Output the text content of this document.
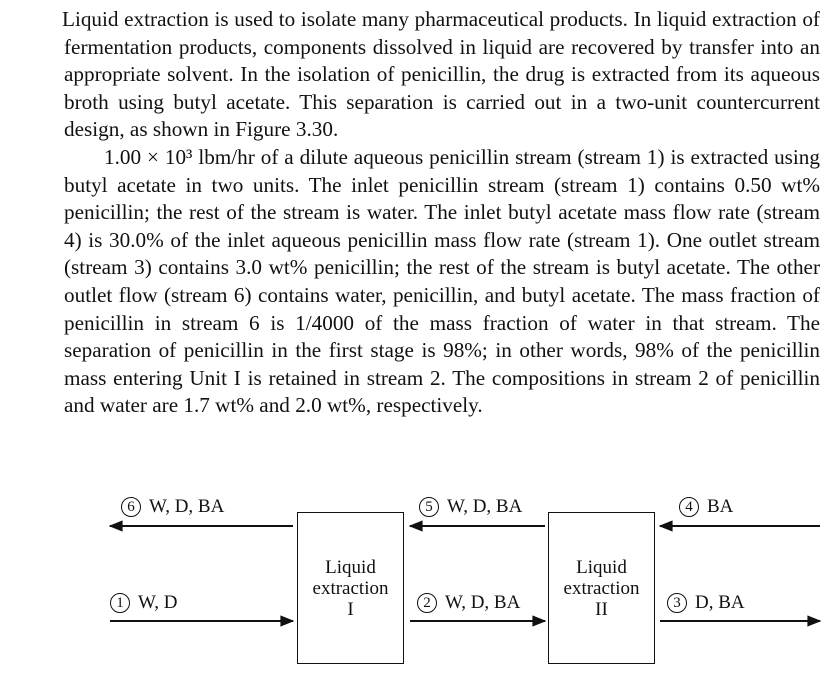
Liquid extraction is used to isolate many pharmaceutical products. In liquid extraction of fermentation products, components dissolved in liquid are recovered by transfer into an appropriate solvent. In the isolation of penicillin, the drug is extracted from its aqueous broth using butyl acetate. This separation is carried out in a two-unit countercurrent design, as shown in Figure 3.30.

1.00 × 10³ lbm/hr of a dilute aqueous penicillin stream (stream 1) is extracted using butyl acetate in two units. The inlet penicillin stream (stream 1) contains 0.50 wt% penicillin; the rest of the stream is water. The inlet butyl acetate mass flow rate (stream 4) is 30.0% of the inlet aqueous penicillin mass flow rate (stream 1). One outlet stream (stream 3) contains 3.0 wt% penicillin; the rest of the stream is butyl acetate. The other outlet flow (stream 6) contains water, penicillin, and butyl acetate. The mass fraction of penicillin in stream 6 is 1/4000 of the mass fraction of water in that stream. The separation of penicillin in the first stage is 98%; in other words, 98% of the penicillin mass entering Unit I is retained in stream 2. The compositions in stream 2 of penicillin and water are 1.7 wt% and 2.0 wt%, respectively.

Liquid
extraction
I
Liquid
extraction
II
6 W, D, BA	5 W, D, BA	4 BA
1 W, D	2 W, D, BA	3 D, BA
